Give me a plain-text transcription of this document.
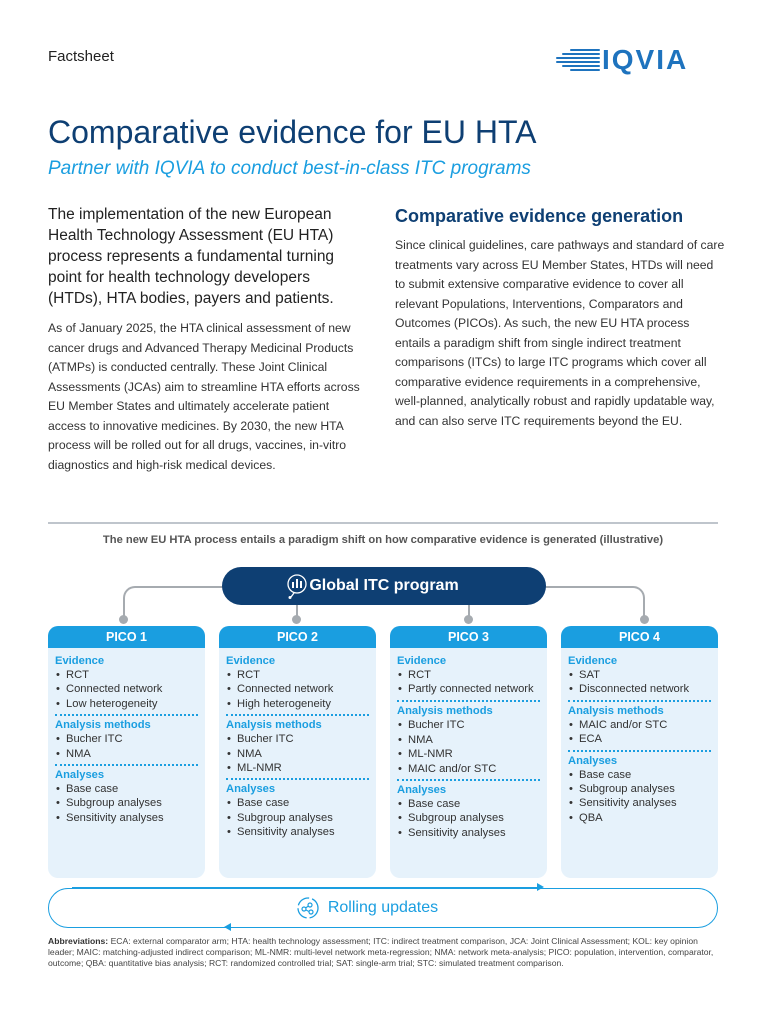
Factsheet	IQVIA
Comparative evidence for EU HTA
Partner with IQVIA to conduct best-in-class ITC programs

The implementation of the new European Health Technology Assessment (EU HTA) process represents a fundamental turning point for health technology developers (HTDs), HTA bodies, payers and patients.

As of January 2025, the HTA clinical assessment of new cancer drugs and Advanced Therapy Medicinal Products (ATMPs) is conducted centrally. These Joint Clinical Assessments (JCAs) aim to streamline HTA efforts across EU Member States and ultimately accelerate patient access to innovative medicines. By 2030, the new HTA process will be rolled out for all drugs, vaccines, in-vitro diagnostics and high-risk medical devices.

Comparative evidence generation

Since clinical guidelines, care pathways and standard of care treatments vary across EU Member States, HTDs will need to submit extensive comparative evidence to cover all relevant Populations, Interventions, Comparators and Outcomes (PICOs). As such, the new EU HTA process entails a paradigm shift from single indirect treatment comparisons (ITCs) to large ITC programs which cover all comparative evidence requirements in a comprehensive, well-planned, analytically robust and rapidly updatable way, and can also serve ITC requirements beyond the EU.

The new EU HTA process entails a paradigm shift on how comparative evidence is generated (illustrative)
Global ITC program
PICO 1
Evidence
• RCT
• Connected network
• Low heterogeneity
Analysis methods
• Bucher ITC
• NMA
Analyses
• Base case
• Subgroup analyses
• Sensitivity analyses
PICO 2
Evidence
• RCT
• Connected network
• High heterogeneity
Analysis methods
• Bucher ITC
• NMA
• ML-NMR
Analyses
• Base case
• Subgroup analyses
• Sensitivity analyses
PICO 3
Evidence
• RCT
• Partly connected network
Analysis methods
• Bucher ITC
• NMA
• ML-NMR
• MAIC and/or STC
Analyses
• Base case
• Subgroup analyses
• Sensitivity analyses
PICO 4
Evidence
• SAT
• Disconnected network
Analysis methods
• MAIC and/or STC
• ECA
Analyses
• Base case
• Subgroup analyses
• Sensitivity analyses
• QBA
Rolling updates

Abbreviations: ECA: external comparator arm; HTA: health technology assessment; ITC: indirect treatment comparison, JCA: Joint Clinical Assessment; KOL: key opinion leader; MAIC: matching-adjusted indirect comparison; ML-NMR: multi-level network meta-regression; NMA: network meta-analysis; PICO: population, intervention, comparator, outcome; QBA: quantitative bias analysis; RCT: randomized controlled trial; SAT: single-arm trial; STC: simulated treatment comparison.
